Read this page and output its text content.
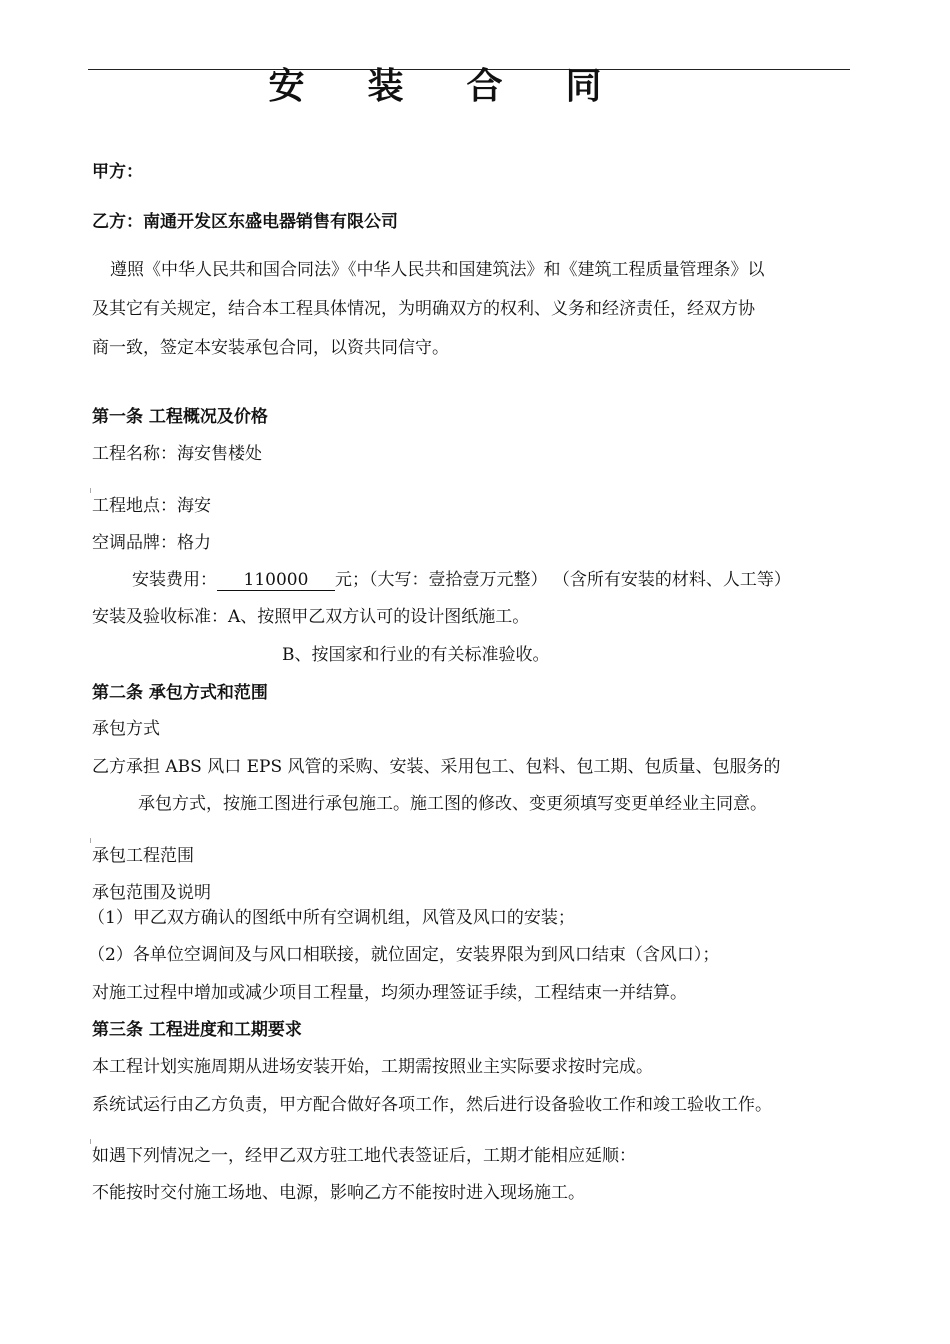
安 装 合 同
甲方：
乙方：南通开发区东盛电器销售有限公司
遵照《中华人民共和国合同法》《中华人民共和国建筑法》和《建筑工程质量管理条》以
及其它有关规定，结合本工程具体情况，为明确双方的权利、义务和经济责任，经双方协
商一致，签定本安装承包合同，以资共同信守。
第一条 工程概况及价格
工程名称：海安售楼处
工程地点：海安
空调品牌：格力
安装费用： 110000 元；（大写：壹拾壹万元整） （含所有安装的材料、人工等）
安装及验收标准：A、按照甲乙双方认可的设计图纸施工。
B、按国家和行业的有关标准验收。
第二条 承包方式和范围
承包方式
乙方承担 ABS 风口 EPS 风管的采购、安装、采用包工、包料、包工期、包质量、包服务的
承包方式，按施工图进行承包施工。施工图的修改、变更须填写变更单经业主同意。
承包工程范围
承包范围及说明
（1）甲乙双方确认的图纸中所有空调机组，风管及风口的安装；
（2）各单位空调间及与风口相联接，就位固定，安装界限为到风口结束（含风口）；
对施工过程中增加或减少项目工程量，均须办理签证手续，工程结束一并结算。
第三条 工程进度和工期要求
本工程计划实施周期从进场安装开始，工期需按照业主实际要求按时完成。
系统试运行由乙方负责，甲方配合做好各项工作，然后进行设备验收工作和竣工验收工作。
如遇下列情况之一，经甲乙双方驻工地代表签证后，工期才能相应延顺：
不能按时交付施工场地、电源，影响乙方不能按时进入现场施工。
